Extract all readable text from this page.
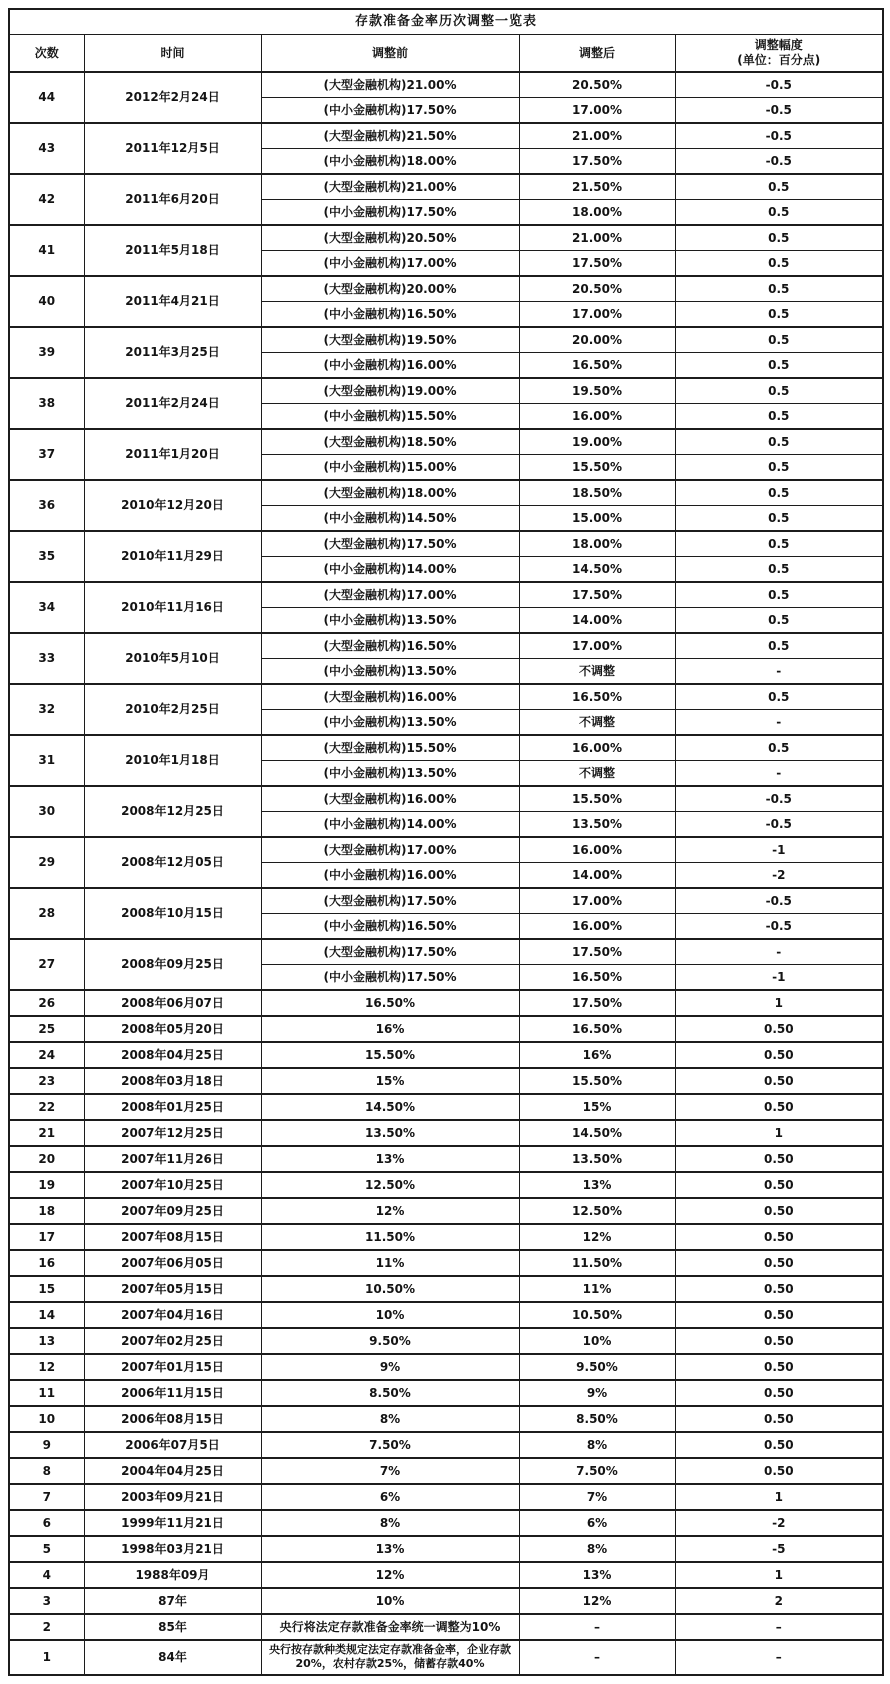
存款准备金率历次调整一览表				
次数	时间	调整前	调整后	调整幅度
(单位：百分点)
44	2012年2月24日	(大型金融机构)21.00%	20.50%	-0.5
		(中小金融机构)17.50%	17.00%	-0.5
43	2011年12月5日	(大型金融机构)21.50%	21.00%	-0.5
		(中小金融机构)18.00%	17.50%	-0.5
42	2011年6月20日	(大型金融机构)21.00%	21.50%	0.5
		(中小金融机构)17.50%	18.00%	0.5
41	2011年5月18日	(大型金融机构)20.50%	21.00%	0.5
		(中小金融机构)17.00%	17.50%	0.5
40	2011年4月21日	(大型金融机构)20.00%	20.50%	0.5
		(中小金融机构)16.50%	17.00%	0.5
39	2011年3月25日	(大型金融机构)19.50%	20.00%	0.5
		(中小金融机构)16.00%	16.50%	0.5
38	2011年2月24日	(大型金融机构)19.00%	19.50%	0.5
		(中小金融机构)15.50%	16.00%	0.5
37	2011年1月20日	(大型金融机构)18.50%	19.00%	0.5
		(中小金融机构)15.00%	15.50%	0.5
36	2010年12月20日	(大型金融机构)18.00%	18.50%	0.5
		(中小金融机构)14.50%	15.00%	0.5
35	2010年11月29日	(大型金融机构)17.50%	18.00%	0.5
		(中小金融机构)14.00%	14.50%	0.5
34	2010年11月16日	(大型金融机构)17.00%	17.50%	0.5
		(中小金融机构)13.50%	14.00%	0.5
33	2010年5月10日	(大型金融机构)16.50%	17.00%	0.5
		(中小金融机构)13.50%	不调整	-
32	2010年2月25日	(大型金融机构)16.00%	16.50%	0.5
		(中小金融机构)13.50%	不调整	-
31	2010年1月18日	(大型金融机构)15.50%	16.00%	0.5
		(中小金融机构)13.50%	不调整	-
30	2008年12月25日	(大型金融机构)16.00%	15.50%	-0.5
		(中小金融机构)14.00%	13.50%	-0.5
29	2008年12月05日	(大型金融机构)17.00%	16.00%	-1
		(中小金融机构)16.00%	14.00%	-2
28	2008年10月15日	(大型金融机构)17.50%	17.00%	-0.5
		(中小金融机构)16.50%	16.00%	-0.5
27	2008年09月25日	(大型金融机构)17.50%	17.50%	-
		(中小金融机构)17.50%	16.50%	-1
26	2008年06月07日	16.50%	17.50%	1
25	2008年05月20日	16%	16.50%	0.50
24	2008年04月25日	15.50%	16%	0.50
23	2008年03月18日	15%	15.50%	0.50
22	2008年01月25日	14.50%	15%	0.50
21	2007年12月25日	13.50%	14.50%	1
20	2007年11月26日	13%	13.50%	0.50
19	2007年10月25日	12.50%	13%	0.50
18	2007年09月25日	12%	12.50%	0.50
17	2007年08月15日	11.50%	12%	0.50
16	2007年06月05日	11%	11.50%	0.50
15	2007年05月15日	10.50%	11%	0.50
14	2007年04月16日	10%	10.50%	0.50
13	2007年02月25日	9.50%	10%	0.50
12	2007年01月15日	9%	9.50%	0.50
11	2006年11月15日	8.50%	9%	0.50
10	2006年08月15日	8%	8.50%	0.50
9	2006年07月5日	7.50%	8%	0.50
8	2004年04月25日	7%	7.50%	0.50
7	2003年09月21日	6%	7%	1
6	1999年11月21日	8%	6%	-2
5	1998年03月21日	13%	8%	-5
4	1988年09月	12%	13%	1
3	87年	10%	12%	2
2	85年	央行将法定存款准备金率统一调整为10%	–	–
1	84年	央行按存款种类规定法定存款准备金率，企业存款20%，农村存款25%，储蓄存款40%	–	–
